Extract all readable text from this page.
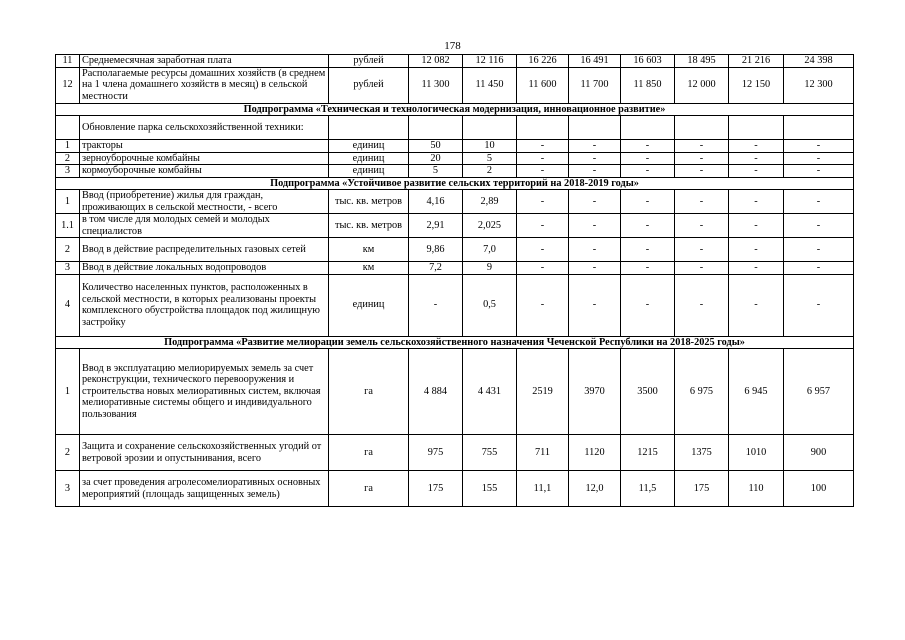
178
11	Среднемесячная заработная плата	рублей	12 082	12 116	16 226	16 491	16 603	18 495	21 216	24 398
12	Располагаемые ресурсы домашних хозяйств (в среднем на 1 члена домашнего хозяйств в месяц) в сельской местности	рублей	11 300	11 450	11 600	11 700	11 850	12 000	12 150	12 300
Подпрограмма «Техническая и технологическая модернизация, инновационное развитие»										
	Обновление парка сельскохозяйственной техники:									
1	тракторы	единиц	50	10	-	-	-	-	-	-
2	зерноуборочные комбайны	единиц	20	5	-	-	-	-	-	-
3	кормоуборочные комбайны	единиц	5	2	-	-	-	-	-	-
Подпрограмма «Устойчивое развитие сельских территорий на 2018-2019 годы»										
1	Ввод (приобретение) жилья для граждан, проживающих в сельской местности, - всего	тыс. кв. метров	4,16	2,89	-	-	-	-	-	-
1.1	в том числе для молодых семей и молодых специалистов	тыс. кв. метров	2,91	2,025	-	-	-	-	-	-
2	Ввод в действие распределительных газовых сетей	км	9,86	7,0	-	-	-	-	-	-
3	Ввод в действие локальных водопроводов	км	7,2	9	-	-	-	-	-	-
4	Количество населенных пунктов, расположенных в сельской местности, в которых реализованы проекты комплексного обустройства площадок под жилищную застройку	единиц	-	0,5	-	-	-	-	-	-
Подпрограмма «Развитие мелиорации земель сельскохозяйственного назначения Чеченской Республики на 2018-2025 годы»										
1	Ввод в эксплуатацию мелиорируемых земель за счет реконструкции, технического перевооружения и строительства новых мелиоративных систем, включая мелиоративные системы общего и индивидуального пользования	га	4 884	4 431	2519	3970	3500	6 975	6 945	6 957
2	Защита и сохранение сельскохозяйственных угодий от ветровой эрозии и опустынивания, всего	га	975	755	711	1120	1215	1375	1010	900
3	за счет проведения агролесомелиоративных основных мероприятий (площадь защищенных земель)	га	175	155	11,1	12,0	11,5	175	110	100
